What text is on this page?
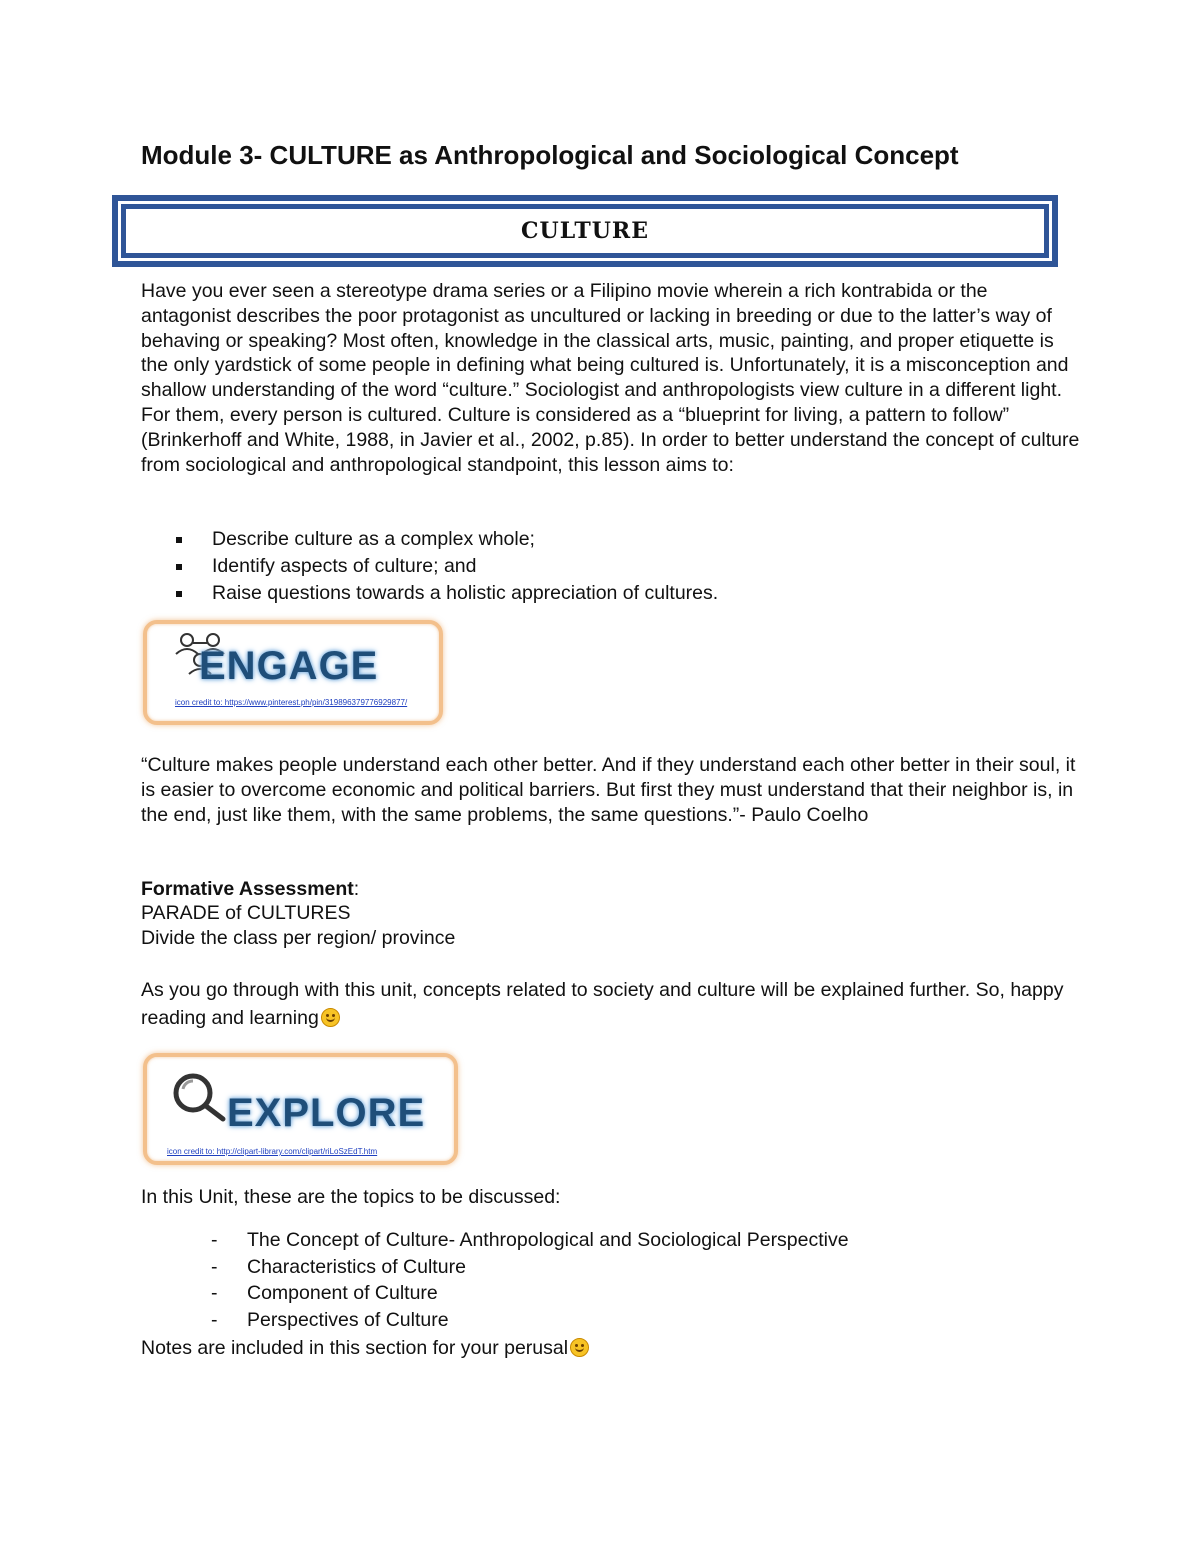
Module 3- CULTURE as Anthropological and Sociological Concept
CULTURE

Have you ever seen a stereotype drama series or a Filipino movie wherein a rich kontrabida or the antagonist describes the poor protagonist as uncultured or lacking in breeding or due to the latter’s way of behaving or speaking? Most often, knowledge in the classical arts, music, painting, and proper etiquette is the only yardstick of some people in defining what being cultured is. Unfortunately, it is a misconception and shallow understanding of the word “culture.” Sociologist and anthropologists view culture in a different light. For them, every person is cultured. Culture is considered as a “blueprint for living, a pattern to follow” (Brinkerhoff and White, 1988, in Javier et al., 2002, p.85). In order to better understand the concept of culture from sociological and anthropological standpoint, this lesson aims to:

Describe culture as a complex whole;
Identify aspects of culture; and
Raise questions towards a holistic appreciation of cultures.
ENGAGE
icon credit to: https://www.pinterest.ph/pin/319896379776929877/

“Culture makes people understand each other better. And if they understand each other better in their soul, it is easier to overcome economic and political barriers. But first they must understand that their neighbor is, in the end, just like them, with the same problems, the same questions.”- Paulo Coelho

Formative Assessment:

PARADE of CULTURES

Divide the class per region/ province

As you go through with this unit, concepts related to society and culture will be explained further. So, happy reading and learning

EXPLORE
icon credit to: http://clipart-library.com/clipart/riLoSzEdT.htm

In this Unit, these are the topics to be discussed:

- The Concept of Culture- Anthropological and Sociological Perspective
- Characteristics of Culture
- Component of Culture
- Perspectives of Culture

Notes are included in this section for your perusal
